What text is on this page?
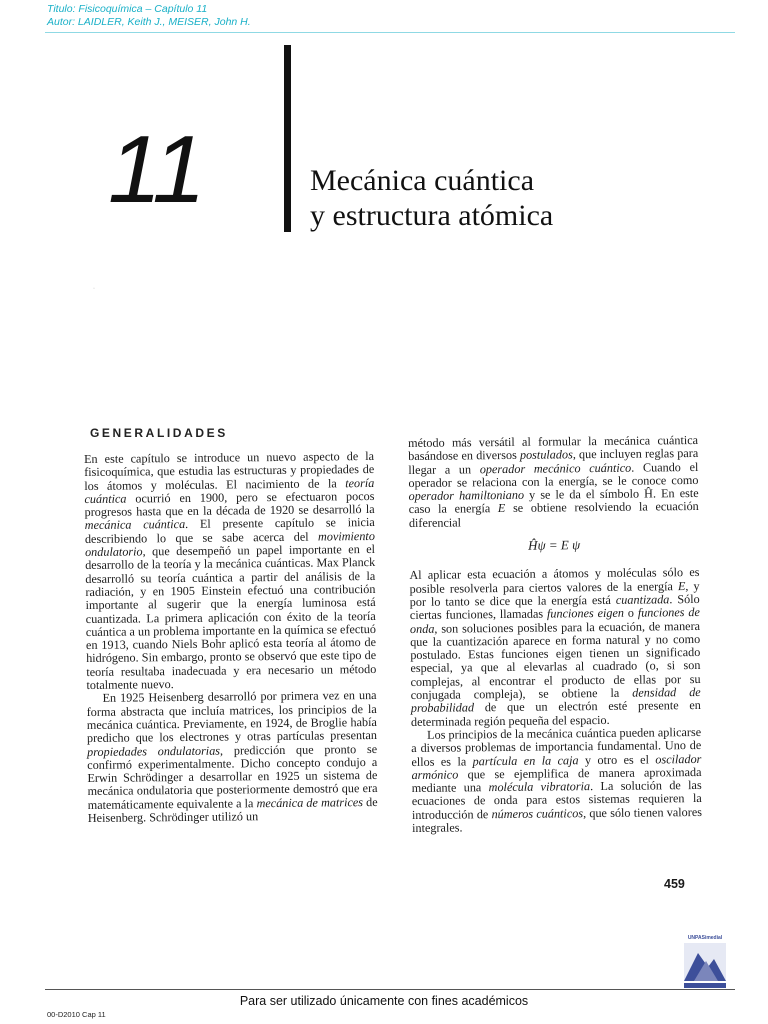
Titulo: Fisicoquímica – Capítulo 11
Autor: LAIDLER, Keith J., MEISER, John H.
11	Mecánica cuántica
y estructura atómica
·
GENERALIDADES

En este capítulo se introduce un nuevo aspecto de la fisicoquímica, que estudia las estructuras y propiedades de los átomos y moléculas. El nacimiento de la teoría cuántica ocurrió en 1900, pero se efectuaron pocos progresos hasta que en la década de 1920 se desarrolló la mecánica cuántica. El presente capítulo se inicia describiendo lo que se sabe acerca del movimiento ondulatorio, que desempeñó un papel importante en el desarrollo de la teoría y la mecánica cuánticas. Max Planck desarrolló su teoría cuántica a partir del análisis de la radiación, y en 1905 Einstein efectuó una contribución importante al sugerir que la energía luminosa está cuantizada. La primera aplicación con éxito de la teoría cuántica a un problema importante en la química se efectuó en 1913, cuando Niels Bohr aplicó esta teoría al átomo de hidrógeno. Sin embargo, pronto se observó que este tipo de teoría resultaba inadecuada y era necesario un método totalmente nuevo.

En 1925 Heisenberg desarrolló por primera vez en una forma abstracta que incluía matrices, los principios de la mecánica cuántica. Previamente, en 1924, de Broglie había predicho que los electrones y otras partículas presentan propiedades ondulatorias, predicción que pronto se confirmó experimentalmente. Dicho concepto condujo a Erwin Schrödinger a desarrollar en 1925 un sistema de mecánica ondulatoria que posteriormente demostró que era matemáticamente equivalente a la mecánica de matrices de Heisenberg. Schrödinger utilizó un

método más versátil al formular la mecánica cuántica basándose en diversos postulados, que incluyen reglas para llegar a un operador mecánico cuántico. Cuando el operador se relaciona con la energía, se le conoce como operador hamiltoniano y se le da el símbolo Ĥ. En este caso la energía E se obtiene resolviendo la ecuación diferencial

Ĥψ = E ψ

Al aplicar esta ecuación a átomos y moléculas sólo es posible resolverla para ciertos valores de la energía E, y por lo tanto se dice que la energía está cuantizada. Sólo ciertas funciones, llamadas funciones eigen o funciones de onda, son soluciones posibles para la ecuación, de manera que la cuantización aparece en forma natural y no como postulado. Estas funciones eigen tienen un significado especial, ya que al elevarlas al cuadrado (o, si son complejas, al encontrar el producto de ellas por su conjugada compleja), se obtiene la densidad de probabilidad de que un electrón esté presente en determinada región pequeña del espacio.

Los principios de la mecánica cuántica pueden aplicarse a diversos problemas de importancia fundamental. Uno de ellos es la partícula en la caja y otro es el oscilador armónico que se ejemplifica de manera aproximada mediante una molécula vibratoria. La solución de las ecuaciones de onda para estos sistemas requieren la introducción de números cuánticos, que sólo tienen valores integrales.

459
UNPASimedial
Para ser utilizado únicamente con fines académicos
00-D2010 Cap 11
